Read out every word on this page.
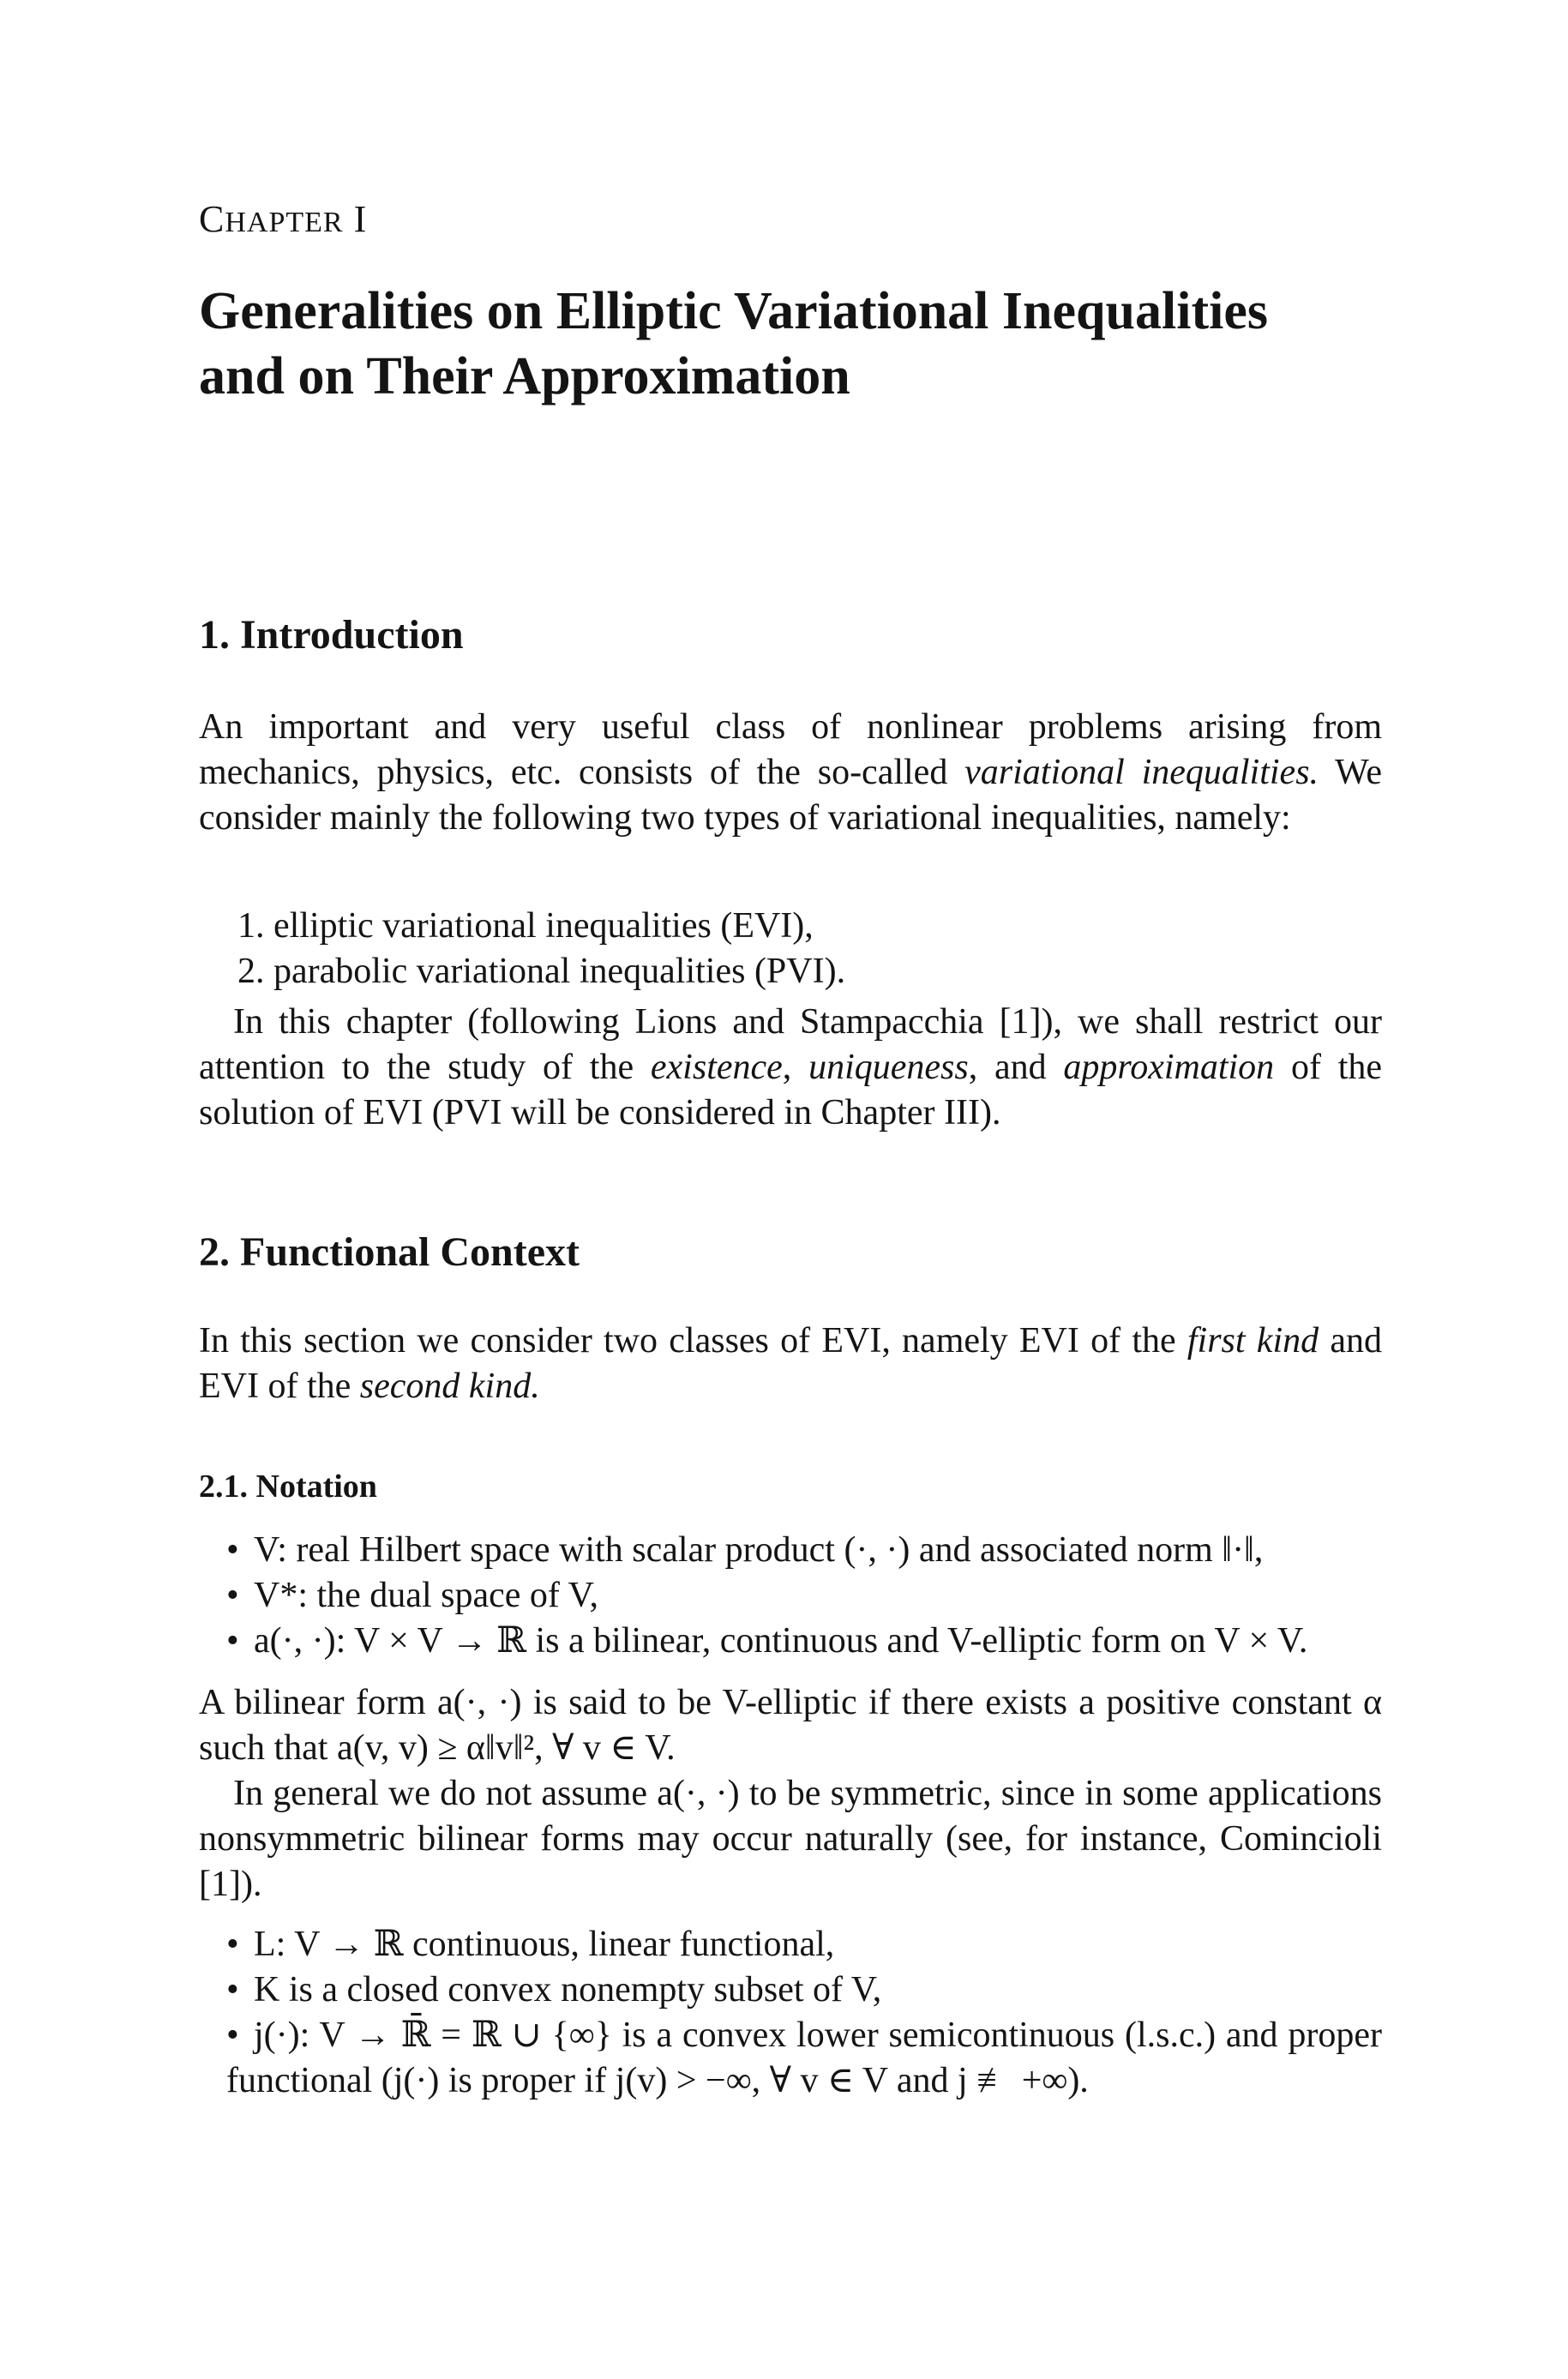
CHAPTER I
Generalities on Elliptic Variational Inequalities
and on Their Approximation
1. Introduction

An important and very useful class of nonlinear problems arising from mechanics, physics, etc. consists of the so-called variational inequalities. We consider mainly the following two types of variational inequalities, namely:

1. elliptic variational inequalities (EVI),
2. parabolic variational inequalities (PVI).
In this chapter (following Lions and Stampacchia [1]), we shall restrict our attention to the study of the existence, uniqueness, and approximation of the solution of EVI (PVI will be considered in Chapter III).
2. Functional Context
In this section we consider two classes of EVI, namely EVI of the first kind and EVI of the second kind.
2.1. Notation
• V: real Hilbert space with scalar product (·, ·) and associated norm ‖·‖,
• V*: the dual space of V,
• a(·, ·): V × V → ℝ is a bilinear, continuous and V-elliptic form on V × V.
A bilinear form a(·, ·) is said to be V-elliptic if there exists a positive constant α such that a(v, v) ≥ α‖v‖², ∀ v ∈ V.
In general we do not assume a(·, ·) to be symmetric, since in some applications nonsymmetric bilinear forms may occur naturally (see, for instance, Comincioli [1]).
• L: V → ℝ continuous, linear functional,
• K is a closed convex nonempty subset of V,
• j(·): V → ℝ̄ = ℝ ∪ {∞} is a convex lower semicontinuous (l.s.c.) and proper functional (j(·) is proper if j(v) > −∞, ∀ v ∈ V and j ≢ +∞).
